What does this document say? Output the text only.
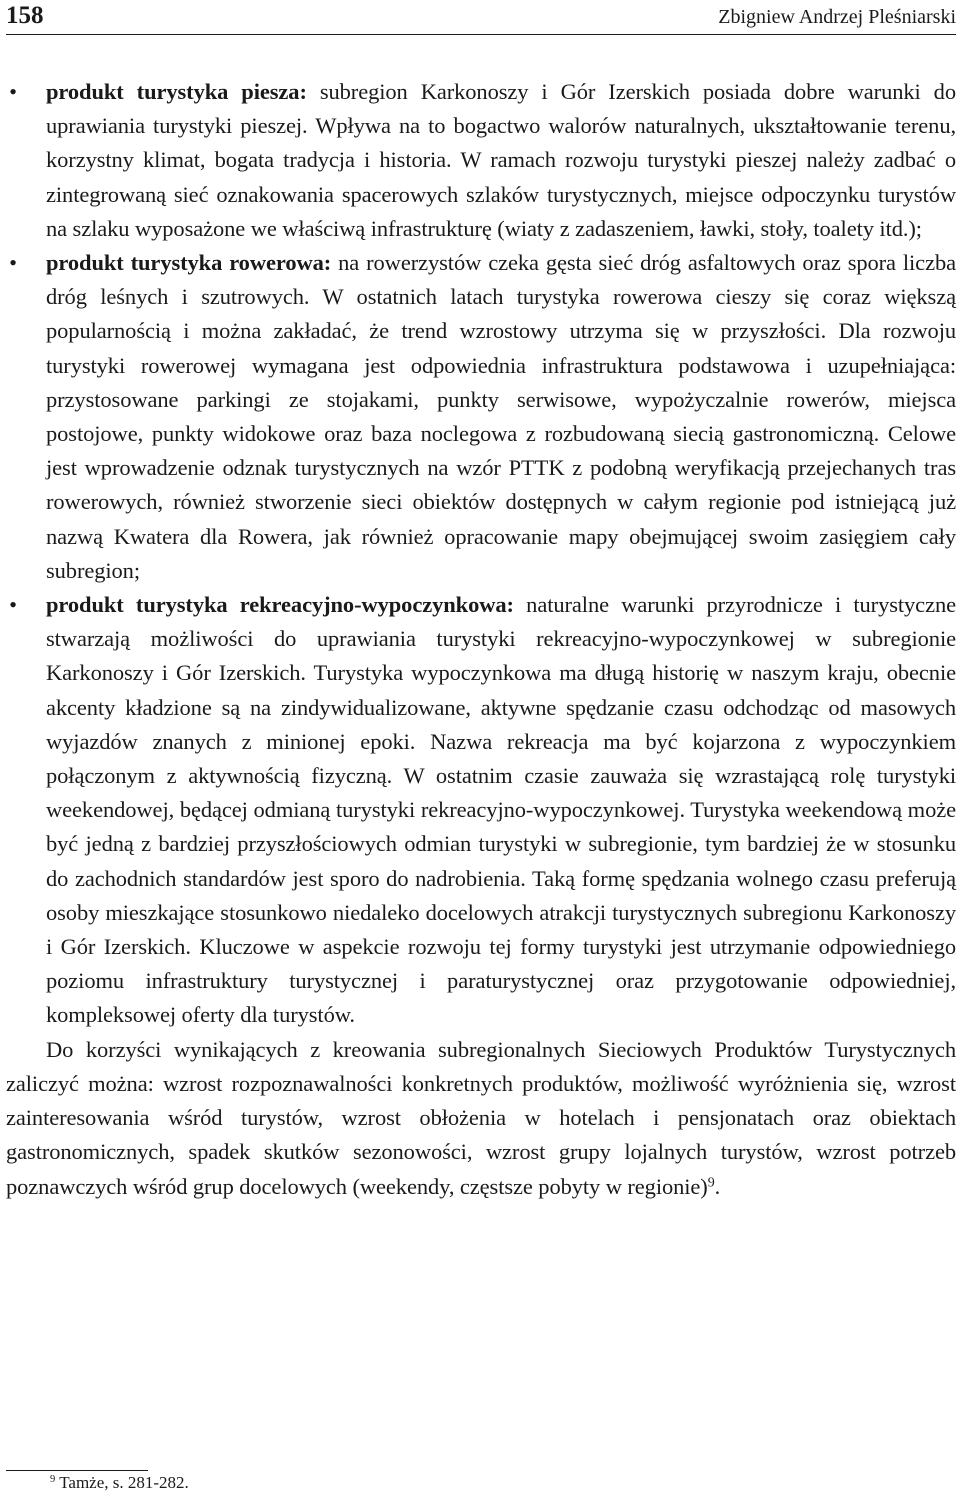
158	Zbigniew Andrzej Pleśniarski
• produkt turystyka piesza: subregion Karkonoszy i Gór Izerskich posiada dobre warunki do uprawiania turystyki pieszej. Wpływa na to bogactwo walorów naturalnych, ukształtowanie terenu, korzystny klimat, bogata tradycja i historia. W ramach rozwoju turystyki pieszej należy zadbać o zintegrowaną sieć oznakowania spacerowych szlaków turystycznych, miejsce odpoczynku turystów na szlaku wyposażone we właściwą infrastrukturę (wiaty z zadaszeniem, ławki, stoły, toalety itd.);
• produkt turystyka rowerowa: na rowerzystów czeka gęsta sieć dróg asfaltowych oraz spora liczba dróg leśnych i szutrowych. W ostatnich latach turystyka rowerowa cieszy się coraz większą popularnością i można zakładać, że trend wzrostowy utrzyma się w przyszłości. Dla rozwoju turystyki rowerowej wymagana jest odpowiednia infrastruktura podstawowa i uzupełniająca: przystosowane parkingi ze stojakami, punkty serwisowe, wypożyczalnie rowerów, miejsca postojowe, punkty widokowe oraz baza noclegowa z rozbudowaną siecią gastronomiczną. Celowe jest wprowadzenie odznak turystycznych na wzór PTTK z podobną weryfikacją przejechanych tras rowerowych, również stworzenie sieci obiektów dostępnych w całym regionie pod istniejącą już nazwą Kwatera dla Rowera, jak również opracowanie mapy obejmującej swoim zasięgiem cały subregion;
• produkt turystyka rekreacyjno-wypoczynkowa: naturalne warunki przyrodnicze i turystyczne stwarzają możliwości do uprawiania turystyki rekreacyjno-wypoczynkowej w subregionie Karkonoszy i Gór Izerskich. Turystyka wypoczynkowa ma długą historię w naszym kraju, obecnie akcenty kładzione są na zindywidualizowane, aktywne spędzanie czasu odchodząc od masowych wyjazdów znanych z minionej epoki. Nazwa rekreacja ma być kojarzona z wypoczynkiem połączonym z aktywnością fizyczną. W ostatnim czasie zauważa się wzrastającą rolę turystyki weekendowej, będącej odmianą turystyki rekreacyjno-wypoczynkowej. Turystyka weekendową może być jedną z bardziej przyszłościowych odmian turystyki w subregionie, tym bardziej że w stosunku do zachodnich standardów jest sporo do nadrobienia. Taką formę spędzania wolnego czasu preferują osoby mieszkające stosunkowo niedaleko docelowych atrakcji turystycznych subregionu Karkonoszy i Gór Izerskich. Kluczowe w aspekcie rozwoju tej formy turystyki jest utrzymanie odpowiedniego poziomu infrastruktury turystycznej i paraturystycznej oraz przygotowanie odpowiedniej, kompleksowej oferty dla turystów.

Do korzyści wynikających z kreowania subregionalnych Sieciowych Produktów Turystycznych zaliczyć można: wzrost rozpoznawalności konkretnych produktów, możliwość wyróżnienia się, wzrost zainteresowania wśród turystów, wzrost obłożenia w hotelach i pensjonatach oraz obiektach gastronomicznych, spadek skutków sezonowości, wzrost grupy lojalnych turystów, wzrost potrzeb poznawczych wśród grup docelowych (weekendy, częstsze pobyty w regionie)$^9$.

$^9$ Tamże, s. 281-282.
